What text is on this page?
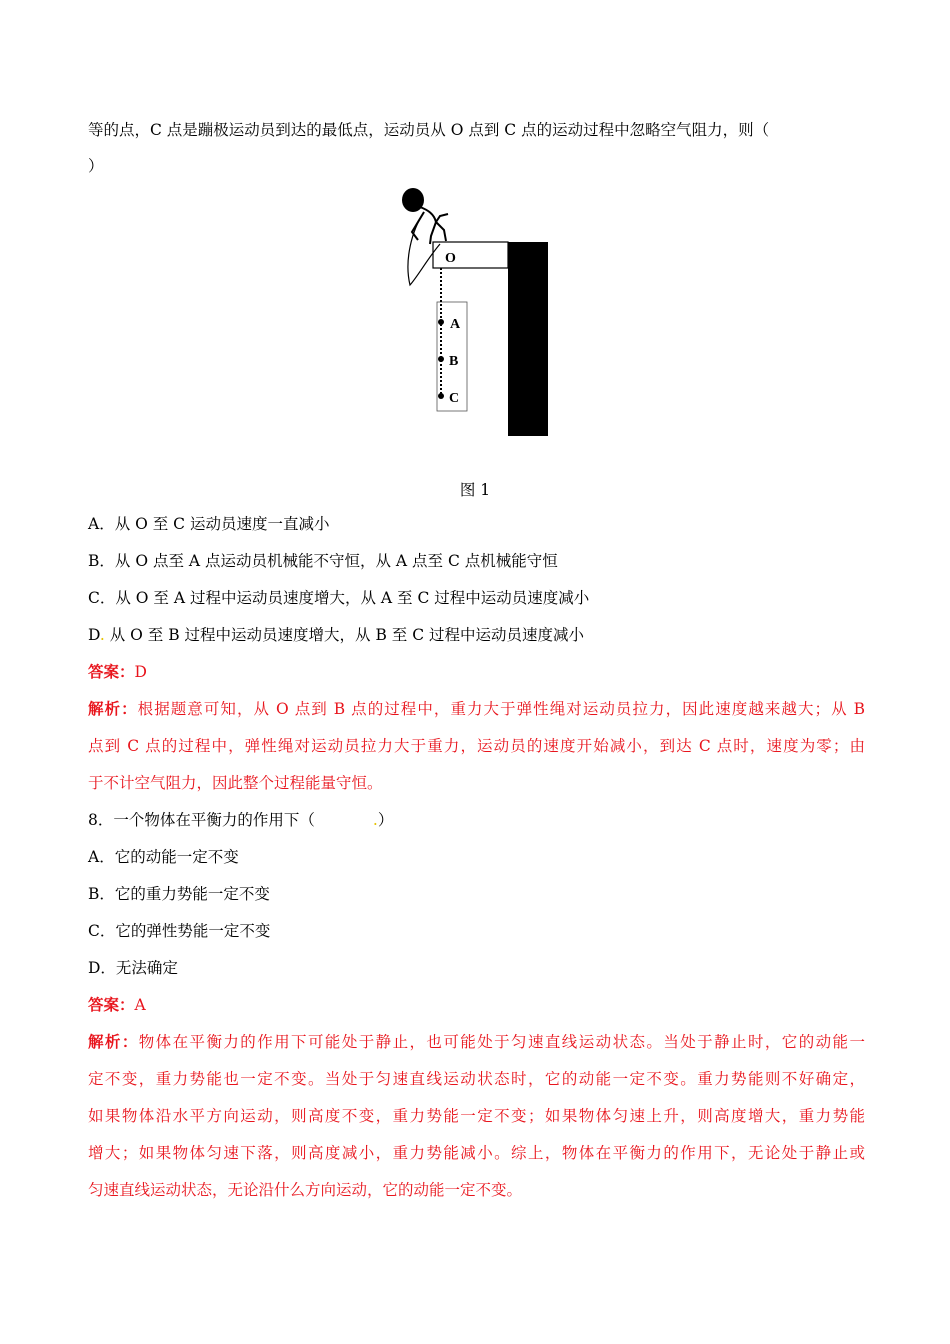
等的点，C 点是蹦极运动员到达的最低点，运动员从 O 点到 C 点的运动过程中忽略空气阻力，则（
）
O
A
B
C
图 1
A．从 O 至 C 运动员速度一直减小
B．从 O 点至 A 点运动员机械能不守恒，从 A 点至 C 点机械能守恒
C．从 O 至 A 过程中运动员速度增大，从 A 至 C 过程中运动员速度减小
D. 从 O 至 B 过程中运动员速度增大，从 B 至 C 过程中运动员速度减小
答案：D
解析：根据题意可知，从 O 点到 B 点的过程中，重力大于弹性绳对运动员拉力，因此速度越来越大；从 B
点到 C 点的过程中，弹性绳对运动员拉力大于重力，运动员的速度开始减小，到达 C 点时，速度为零；由
于不计空气阻力，因此整个过程能量守恒。
8．一个物体在平衡力的作用下（	.）
A．它的动能一定不变
B．它的重力势能一定不变
C．它的弹性势能一定不变
D．无法确定
答案：A
解析：物体在平衡力的作用下可能处于静止，也可能处于匀速直线运动状态。当处于静止时，它的动能一
定不变，重力势能也一定不变。当处于匀速直线运动状态时，它的动能一定不变。重力势能则不好确定，
如果物体沿水平方向运动，则高度不变，重力势能一定不变；如果物体匀速上升，则高度增大，重力势能
增大；如果物体匀速下落，则高度减小，重力势能减小。综上，物体在平衡力的作用下，无论处于静止或
匀速直线运动状态，无论沿什么方向运动，它的动能一定不变。
